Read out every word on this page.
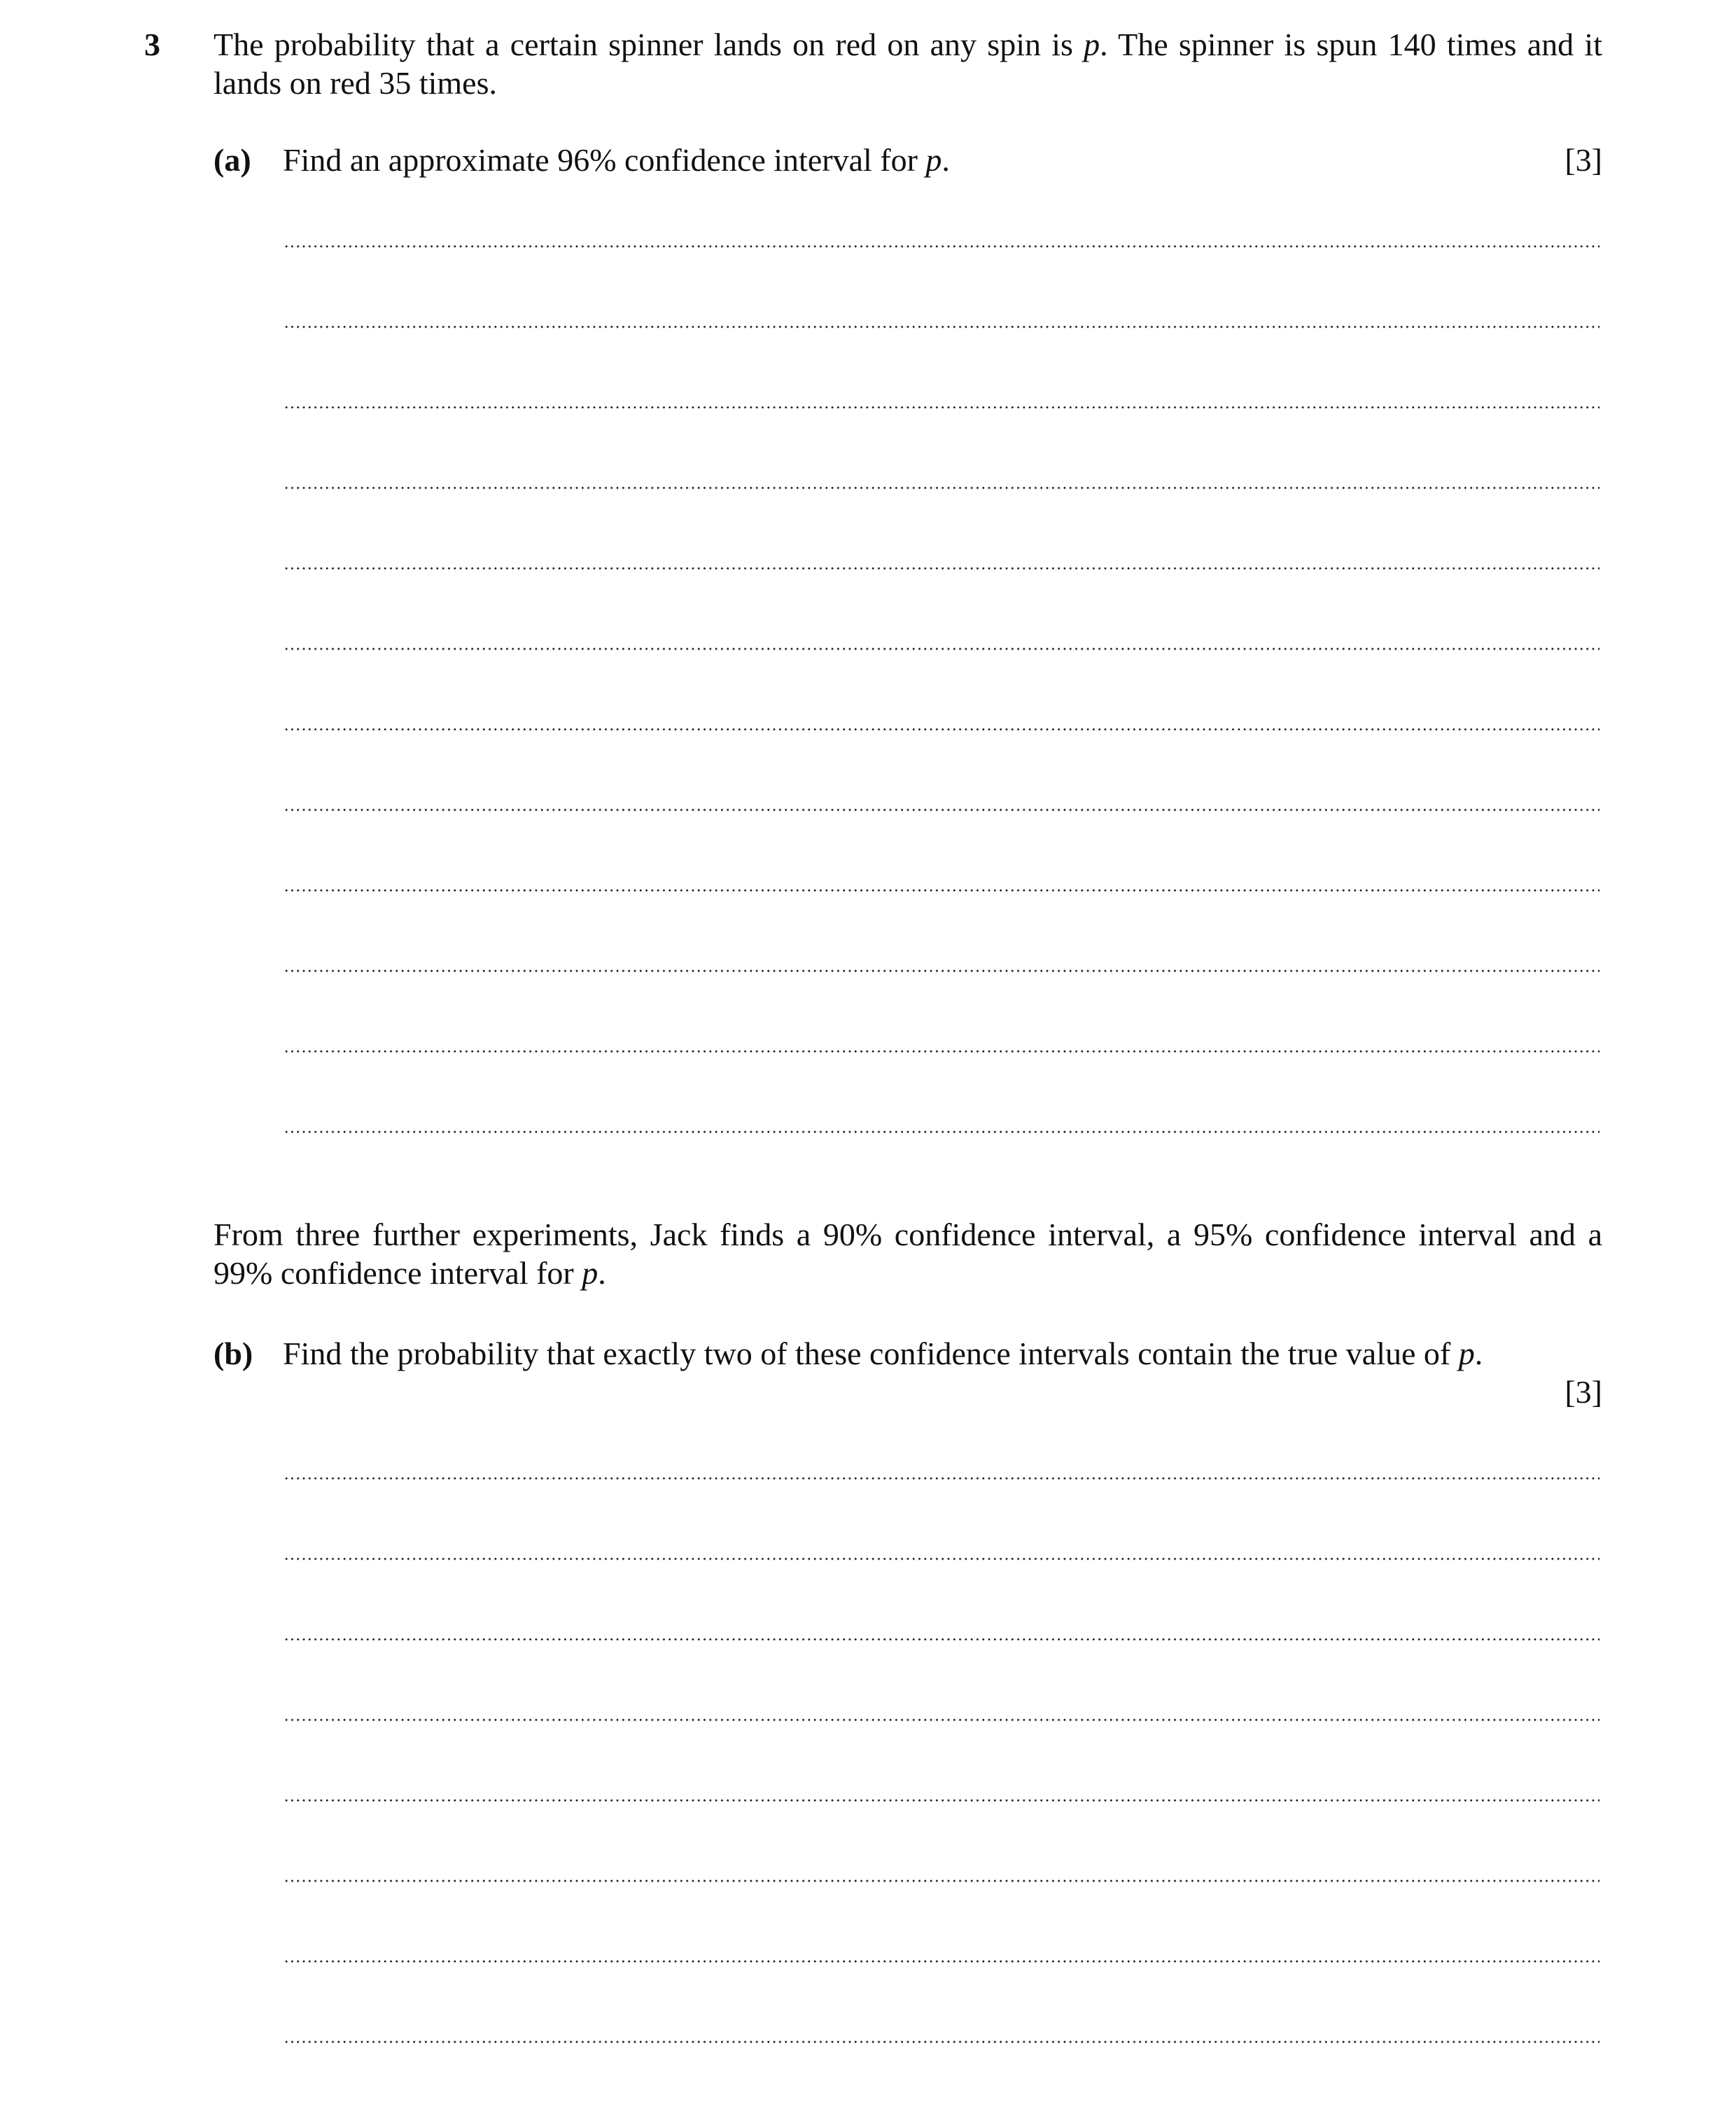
3 The probability that a certain spinner lands on red on any spin is p. The spinner is spun 140 times and it lands on red 35 times.
(a) Find an approximate 96% confidence interval for p.	[3]
From three further experiments, Jack finds a 90% confidence interval, a 95% confidence interval and a 99% confidence interval for p.
(b) Find the probability that exactly two of these confidence intervals contain the true value of p.
[3]
